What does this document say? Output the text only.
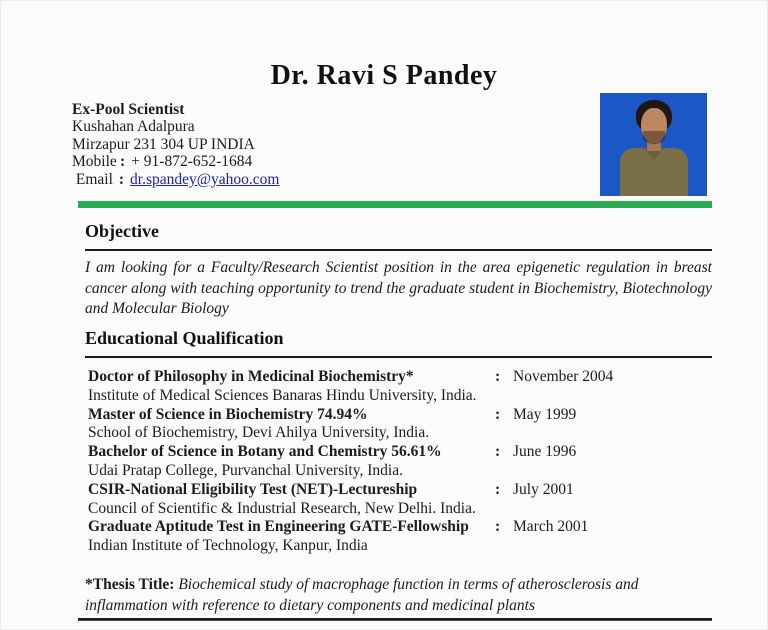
Dr. Ravi S Pandey
Ex-Pool Scientist
Kushahan Adalpura
Mirzapur 231 304 UP INDIA
Mobile : + 91-872-652-1684
Email : dr.spandey@yahoo.com
Objective
I am looking for a Faculty/Research Scientist position in the area epigenetic regulation in breast cancer along with teaching opportunity to trend the graduate student in Biochemistry, Biotechnology and Molecular Biology
Educational Qualification
Doctor of Philosophy in Medicinal Biochemistry*	: November 2004
Institute of Medical Sciences Banaras Hindu University, India.
Master of Science in Biochemistry 74.94%	: May 1999
School of Biochemistry, Devi Ahilya University, India.
Bachelor of Science in Botany and Chemistry 56.61%	: June 1996
Udai Pratap College, Purvanchal University, India.
CSIR-National Eligibility Test (NET)-Lectureship	: July 2001
Council of Scientific & Industrial Research, New Delhi. India.
Graduate Aptitude Test in Engineering GATE-Fellowship	: March 2001
Indian Institute of Technology, Kanpur, India
*Thesis Title: Biochemical study of macrophage function in terms of atherosclerosis and inflammation with reference to dietary components and medicinal plants
